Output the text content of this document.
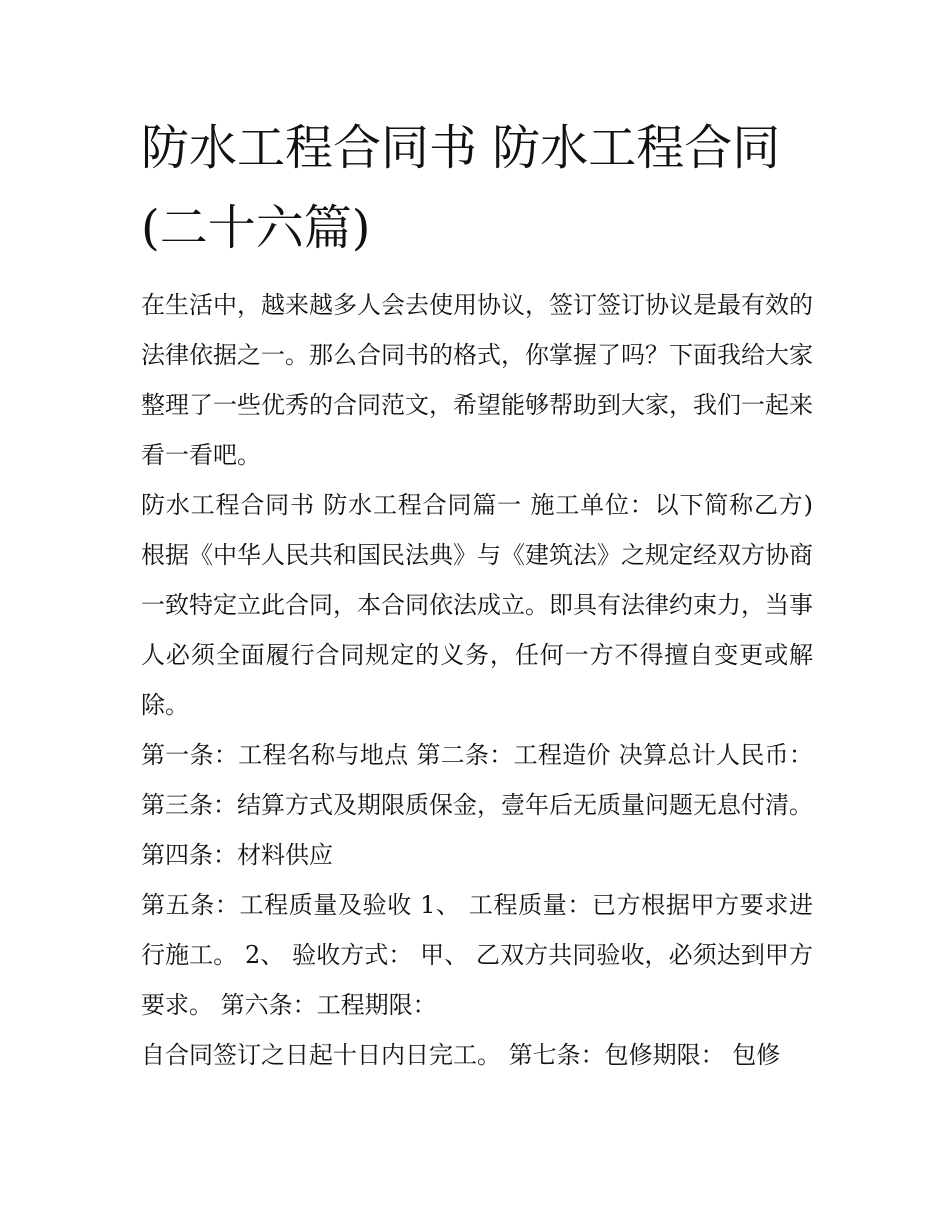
防水工程合同书 防水工程合同(二十六篇)

在生活中，越来越多人会去使用协议，签订签订协议是最有效的法律依据之一。那么合同书的格式，你掌握了吗？下面我给大家整理了一些优秀的合同范文，希望能够帮助到大家，我们一起来看一看吧。

防水工程合同书 防水工程合同篇一 施工单位：以下简称乙方)根据《中华人民共和国民法典》与《建筑法》之规定经双方协商一致特定立此合同，本合同依法成立。即具有法律约束力，当事人必须全面履行合同规定的义务，任何一方不得擅自变更或解除。

第一条：工程名称与地点 第二条：工程造价 决算总计人民币： 第三条：结算方式及期限质保金，壹年后无质量问题无息付清。 第四条：材料供应

第五条：工程质量及验收 1、 工程质量：已方根据甲方要求进行施工。 2、 验收方式： 甲、 乙双方共同验收，必须达到甲方要求。 第六条：工程期限：

自合同签订之日起十日内日完工。 第七条：包修期限： 包修
